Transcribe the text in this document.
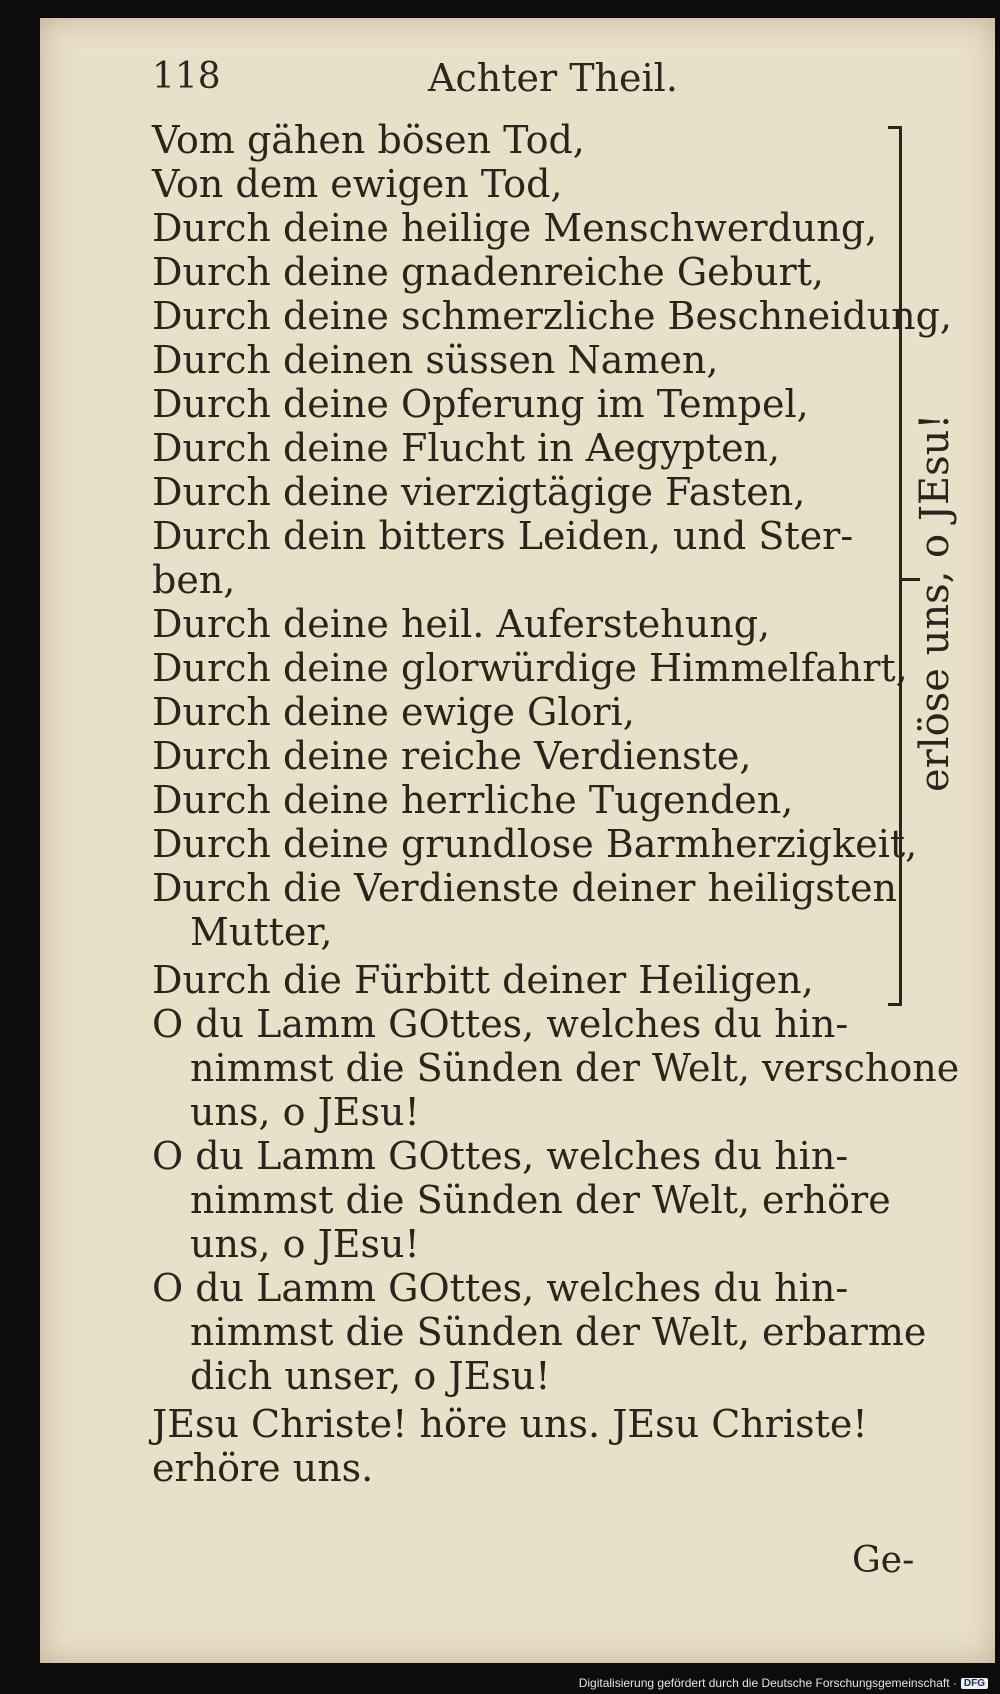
118	Achter Theil.

Vom gähen bösen Tod,

Von dem ewigen Tod,

Durch deine heilige Menschwerdung,

Durch deine gnadenreiche Geburt,

Durch deine schmerzliche Beschneidung,

Durch deinen süssen Namen,

Durch deine Opferung im Tempel,

Durch deine Flucht in Aegypten,

Durch deine vierzigtägige Fasten,

Durch dein bitters Leiden, und Ster-

ben,

Durch deine heil. Auferstehung,

Durch deine glorwürdige Himmelfahrt,

Durch deine ewige Glori,

Durch deine reiche Verdienste,

Durch deine herrliche Tugenden,

Durch deine grundlose Barmherzigkeit,

Durch die Verdienste deiner heiligsten

Mutter,

Durch die Fürbitt deiner Heiligen,

O du Lamm GOttes, welches du hin-

nimmst die Sünden der Welt, verschone

uns, o JEsu!

O du Lamm GOttes, welches du hin-

nimmst die Sünden der Welt, erhöre

uns, o JEsu!

O du Lamm GOttes, welches du hin-

nimmst die Sünden der Welt, erbarme

dich unser, o JEsu!

JEsu Christe! höre uns. JEsu Christe!

erhöre uns.

erlöse uns, o JEsu!

Ge-

Digitalisierung gefördert durch die Deutsche Forschungsgemeinschaft · DFG
